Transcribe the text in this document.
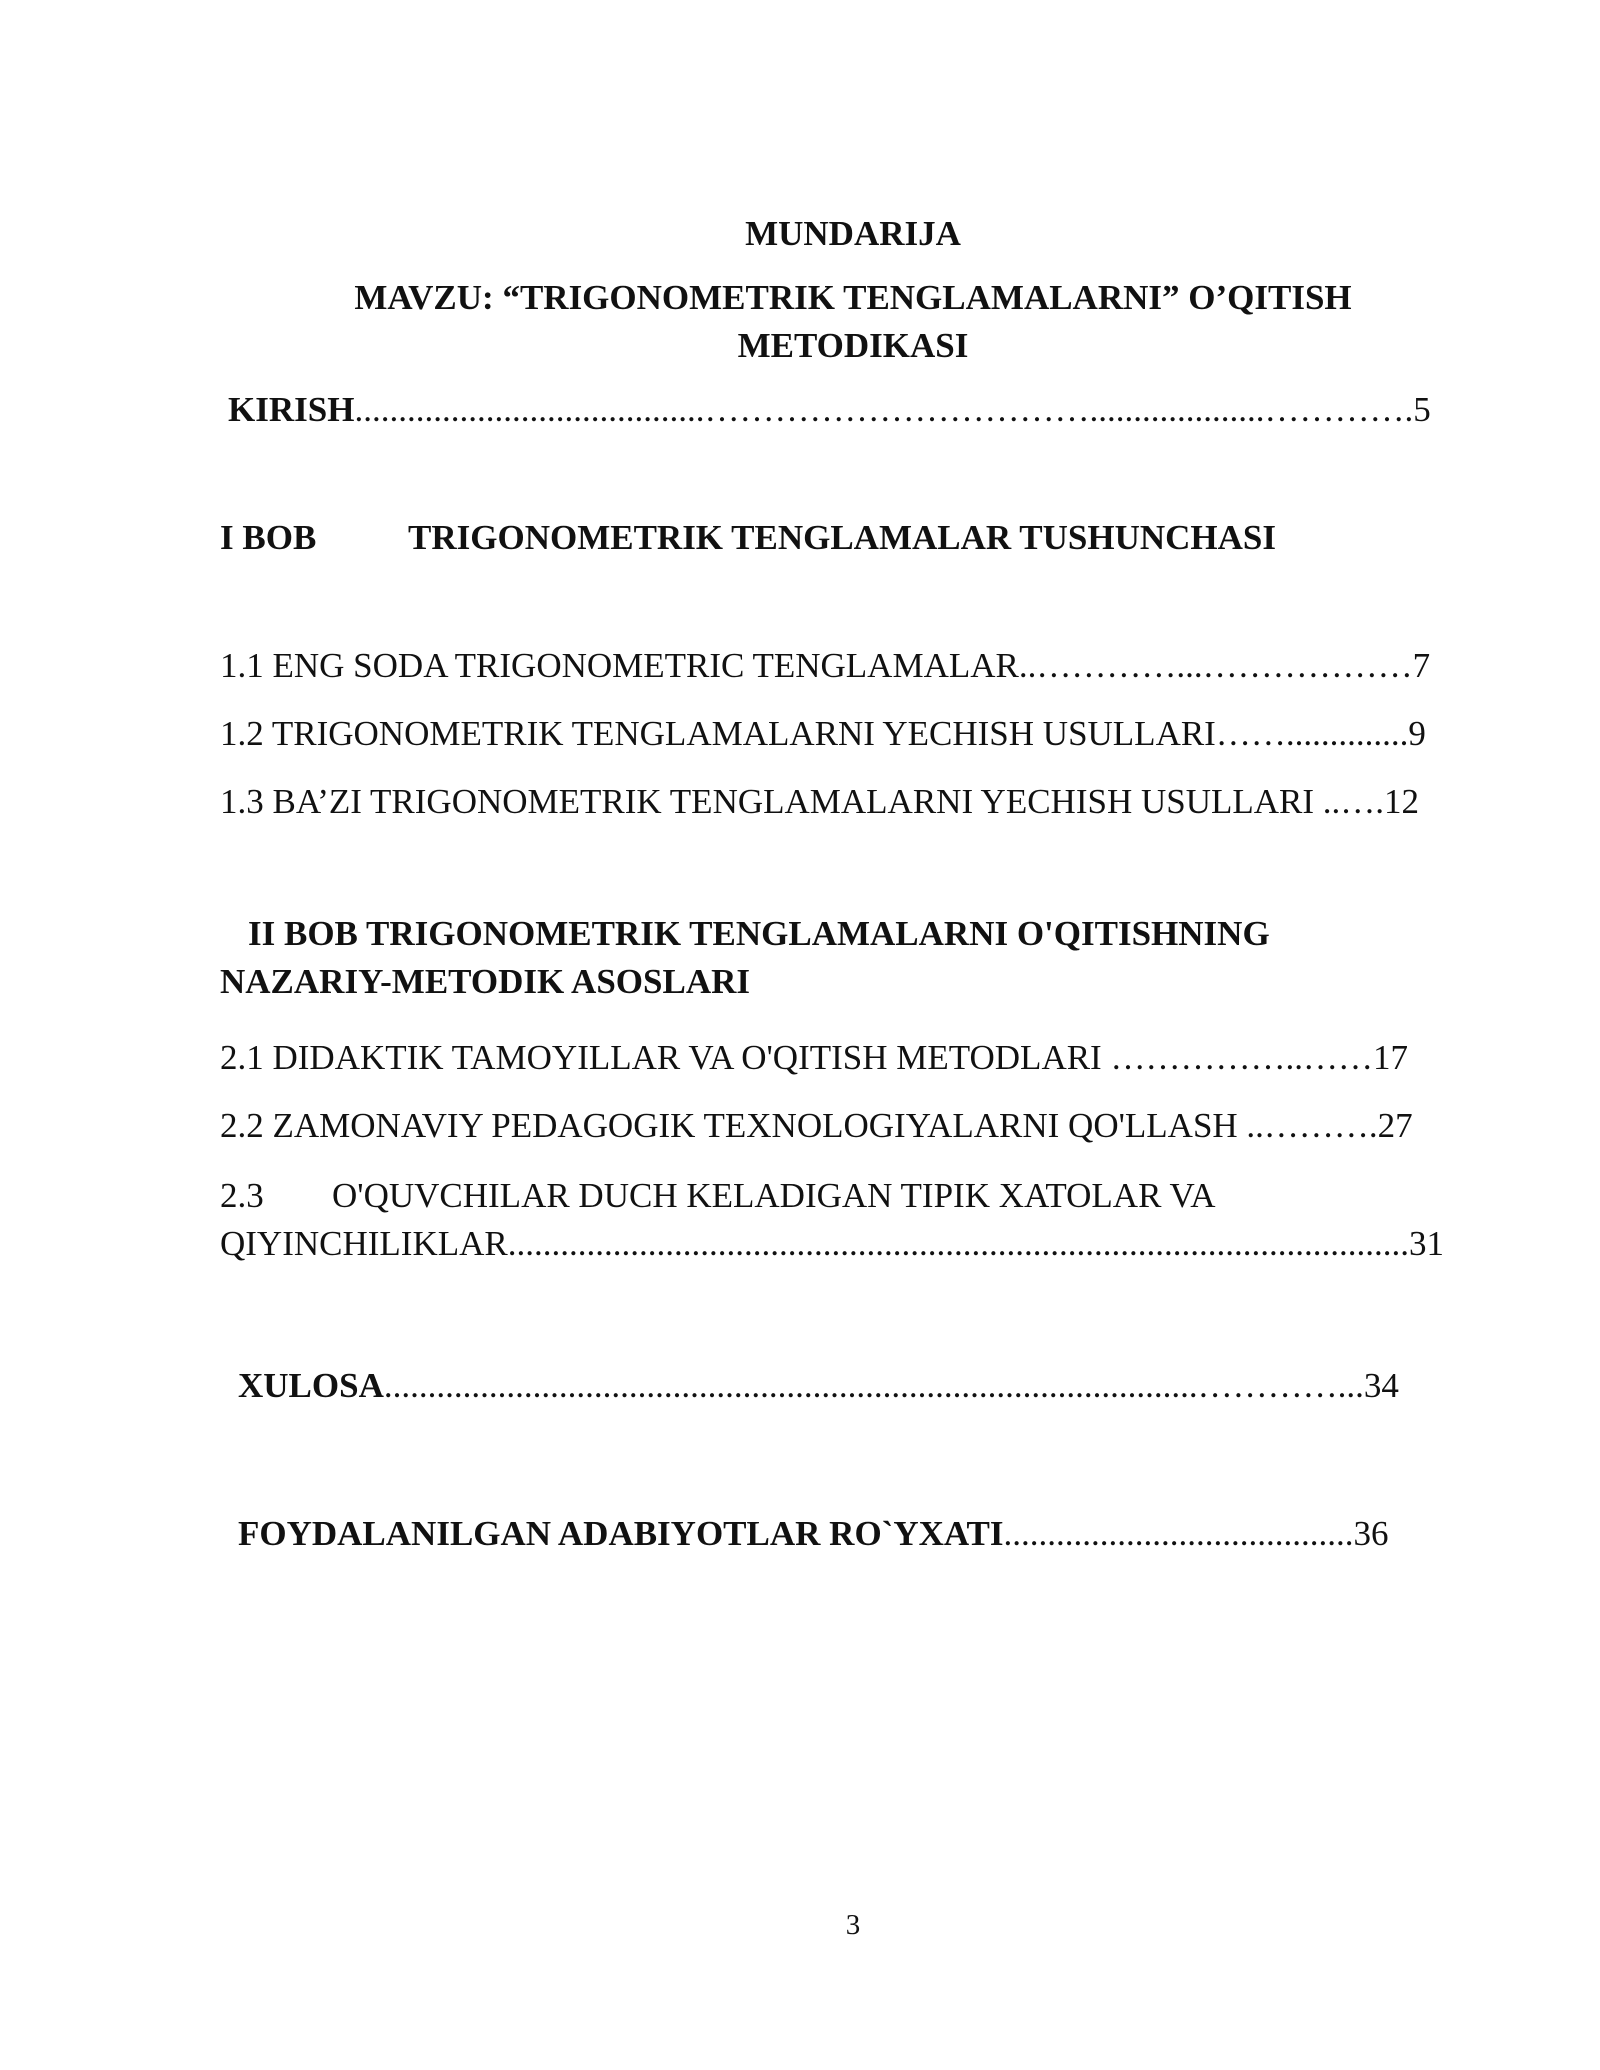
MUNDARIJA
MAVZU: “TRIGONOMETRIK TENGLAMALARNI” O’QITISH
METODIKASI
KIRISH........................................……………………………....................………….5
I BOB	TRIGONOMETRIK TENGLAMALAR TUSHUNCHASI
1.1 ENG SODA TRIGONOMETRIC TENGLAMALAR..…………...………………7
1.2 TRIGONOMETRIK TENGLAMALARNI YECHISH USULLARI……..............9
1.3 BA’ZI TRIGONOMETRIK TENGLAMALARNI YECHISH USULLARI ..….12
II BOB TRIGONOMETRIK TENGLAMALARNI O'QITISHNING
NAZARIY-METODIK ASOSLARI
2.1 DIDAKTIK TAMOYILLAR VA O'QITISH METODLARI ……………..……17
2.2 ZAMONAVIY PEDAGOGIK TEXNOLOGIYALARNI QO'LLASH ..……….27
2.3 O'QUVCHILAR DUCH KELADIGAN TIPIK XATOLAR VA
QIYINCHILIKLAR.......................................................................................................31
XULOSA.............................................................................................…………...34
FOYDALANILGAN ADABIYOTLAR RO`YXATI........................................36
3
